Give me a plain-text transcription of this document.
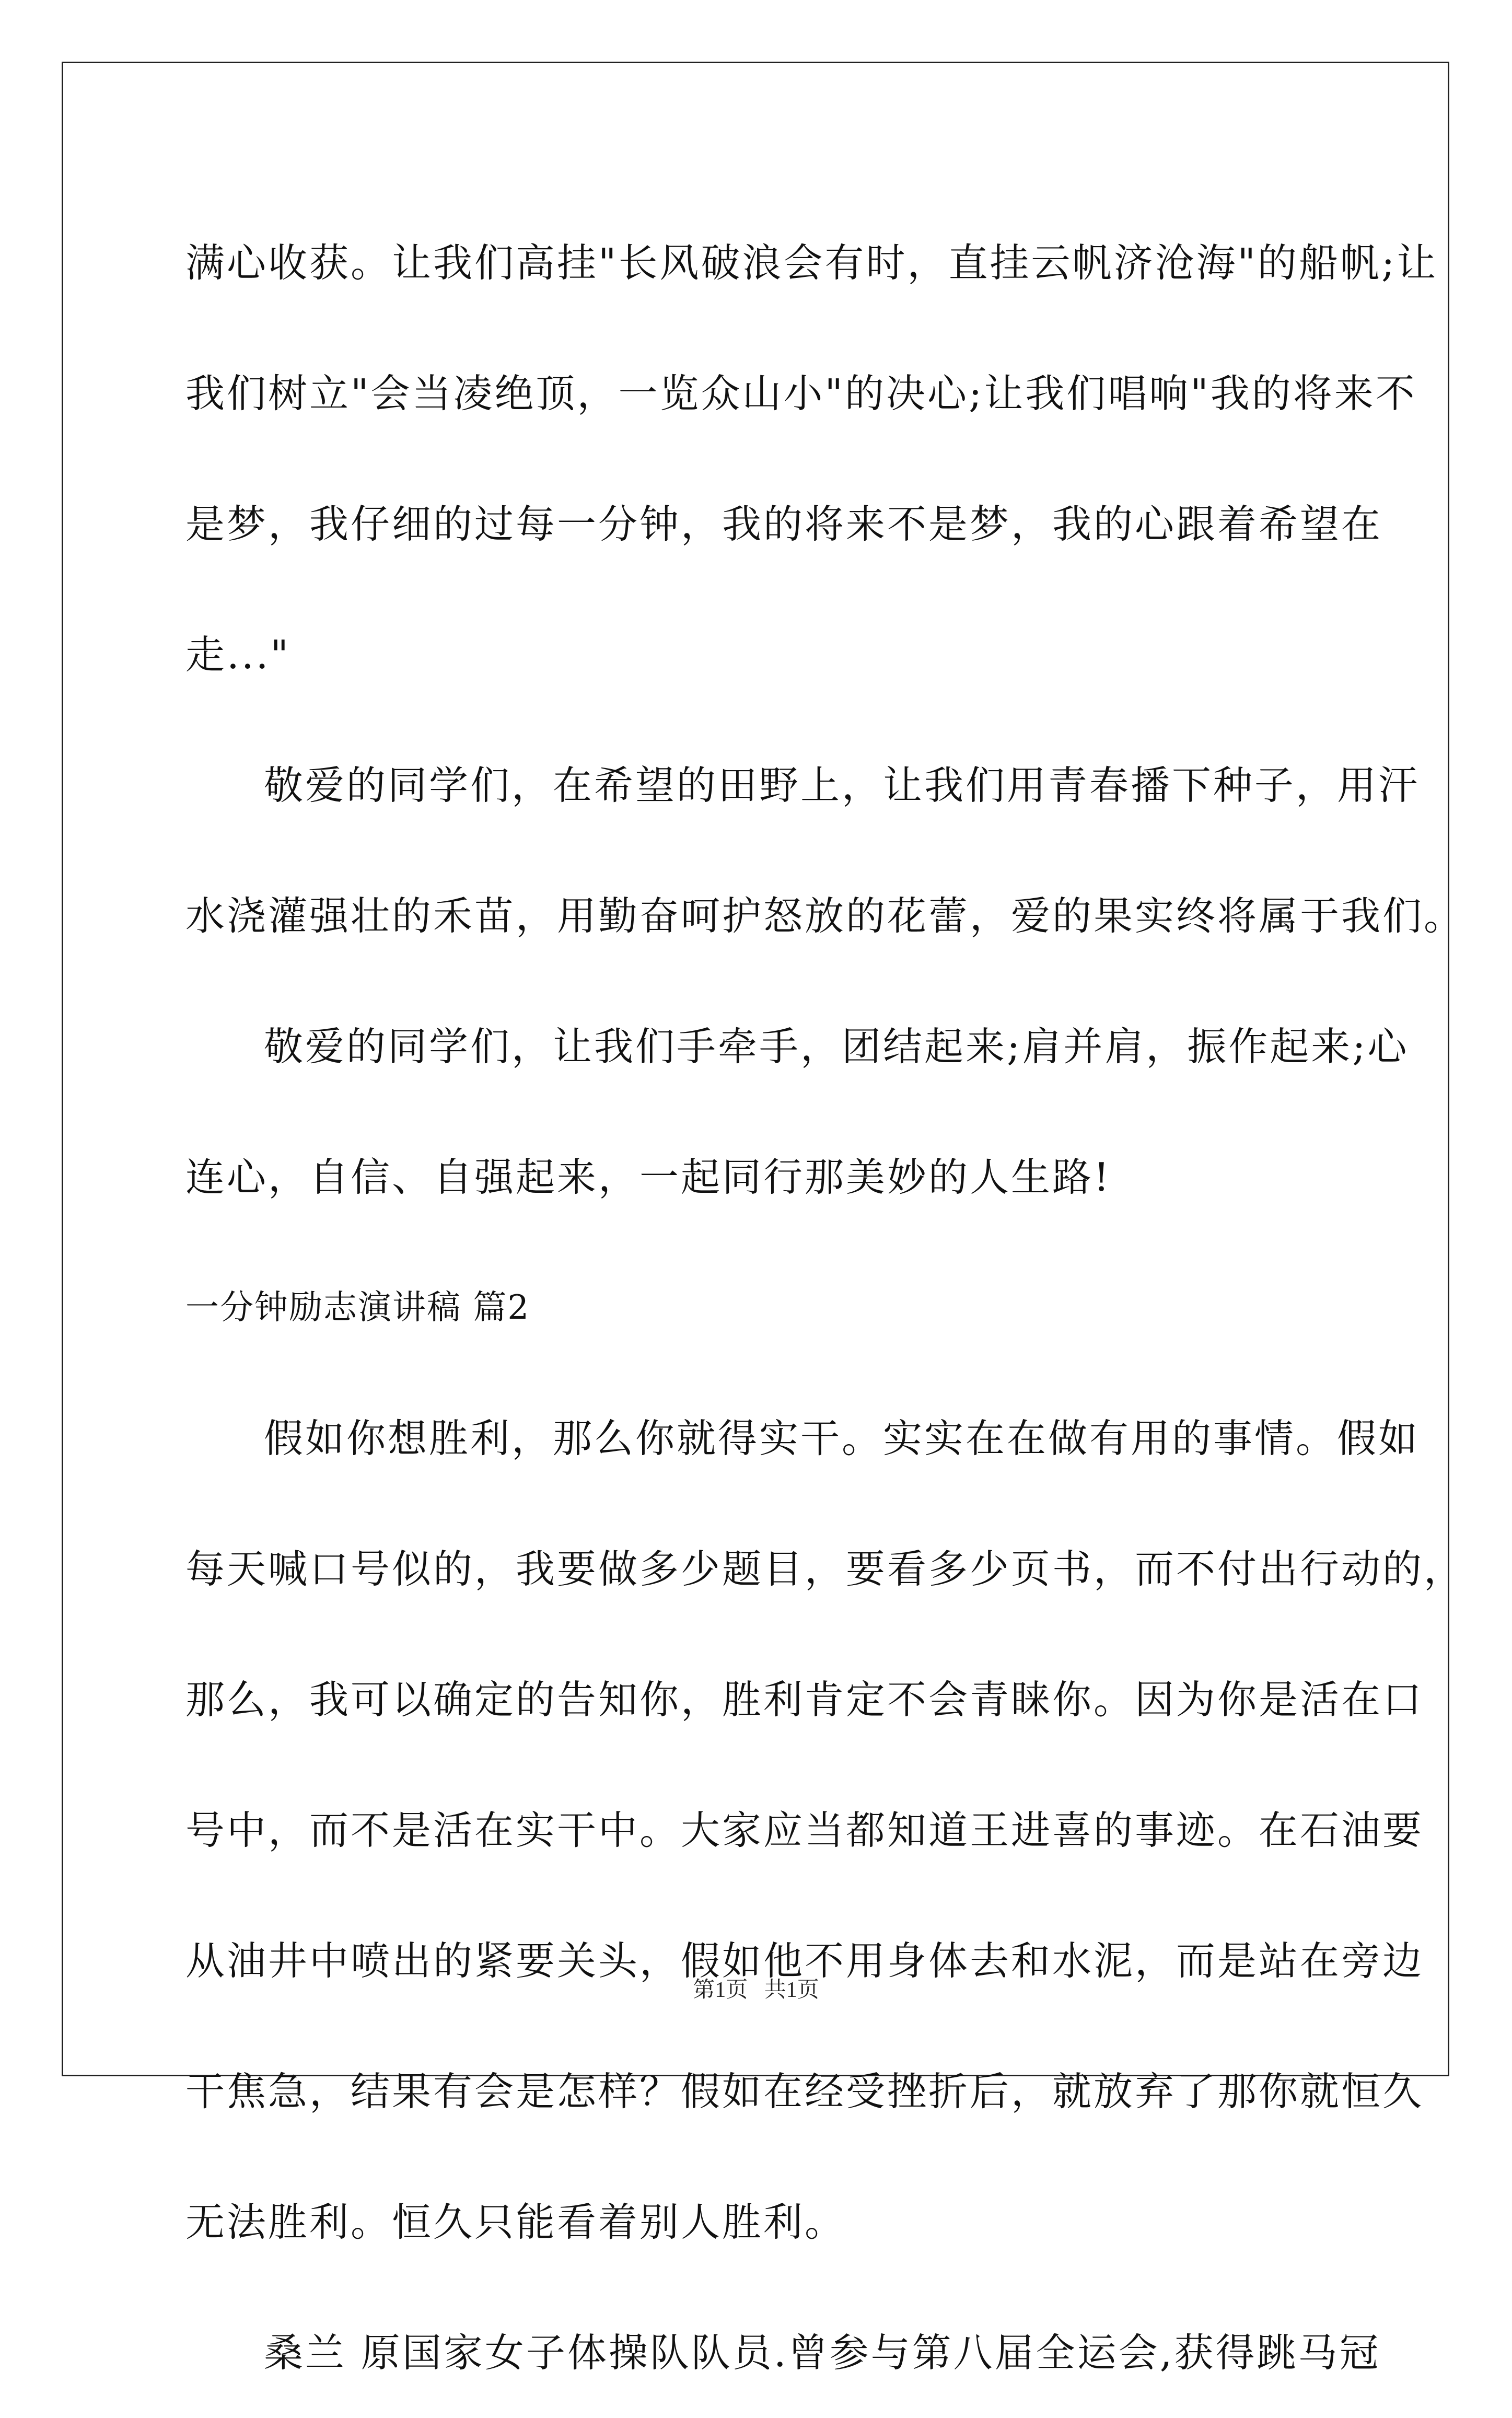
满心收获。让我们高挂"长风破浪会有时，直挂云帆济沧海"的船帆;让
我们树立"会当凌绝顶，一览众山小"的决心;让我们唱响"我的将来不
是梦，我仔细的过每一分钟，我的将来不是梦，我的心跟着希望在
走..."
敬爱的同学们，在希望的田野上，让我们用青春播下种子，用汗
水浇灌强壮的禾苗，用勤奋呵护怒放的花蕾，爱的果实终将属于我们。
敬爱的同学们，让我们手牵手，团结起来;肩并肩，振作起来;心
连心，自信、自强起来，一起同行那美妙的人生路!
一分钟励志演讲稿 篇2
假如你想胜利，那么你就得实干。实实在在做有用的事情。假如
每天喊口号似的，我要做多少题目，要看多少页书，而不付出行动的，
那么，我可以确定的告知你，胜利肯定不会青睐你。因为你是活在口
号中，而不是活在实干中。大家应当都知道王进喜的事迹。在石油要
从油井中喷出的紧要关头，假如他不用身体去和水泥，而是站在旁边
干焦急，结果有会是怎样？假如在经受挫折后，就放弃了那你就恒久
无法胜利。恒久只能看着别人胜利。
桑兰 原国家女子体操队队员.曾参与第八届全运会,获得跳马冠
第1页   共1页
